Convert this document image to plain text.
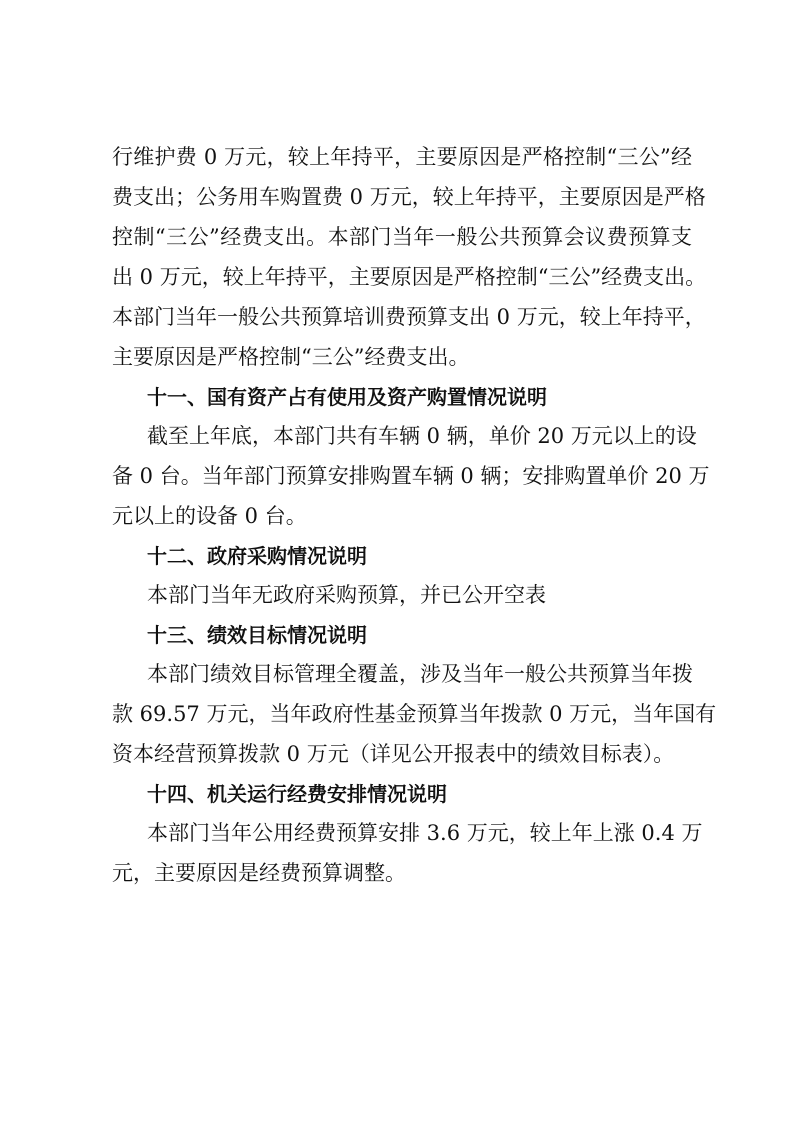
行维护费 0 万元，较上年持平，主要原因是严格控制“三公”经
费支出；公务用车购置费 0 万元，较上年持平，主要原因是严格
控制“三公”经费支出。本部门当年一般公共预算会议费预算支
出 0 万元，较上年持平，主要原因是严格控制“三公”经费支出。
本部门当年一般公共预算培训费预算支出 0 万元，较上年持平，
主要原因是严格控制“三公”经费支出。
十一、国有资产占有使用及资产购置情况说明
截至上年底，本部门共有车辆 0 辆，单价 20 万元以上的设
备 0 台。当年部门预算安排购置车辆 0 辆；安排购置单价 20 万
元以上的设备 0 台。
十二、政府采购情况说明
本部门当年无政府采购预算，并已公开空表
十三、绩效目标情况说明
本部门绩效目标管理全覆盖，涉及当年一般公共预算当年拨
款 69.57 万元，当年政府性基金预算当年拨款 0 万元，当年国有
资本经营预算拨款 0 万元（详见公开报表中的绩效目标表）。
十四、机关运行经费安排情况说明
本部门当年公用经费预算安排 3.6 万元，较上年上涨 0.4 万
元，主要原因是经费预算调整。
